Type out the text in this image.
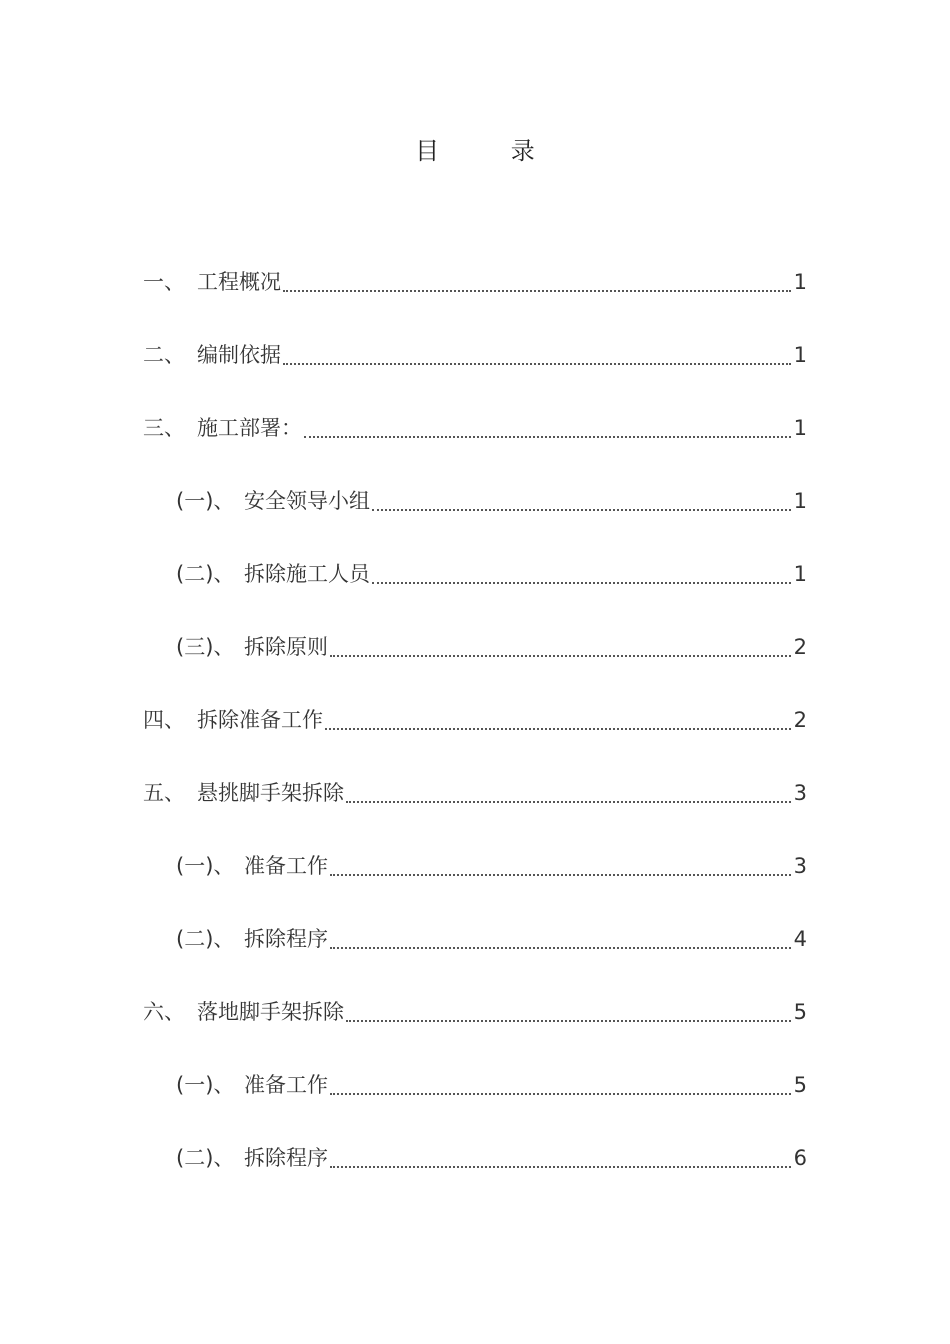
目 录
一、 工程概况	1
二、 编制依据	1
三、 施工部署：	1
(一)、 安全领导小组	1
(二)、 拆除施工人员	1
(三)、 拆除原则	2
四、 拆除准备工作	2
五、 悬挑脚手架拆除	3
(一)、 准备工作	3
(二)、 拆除程序	4
六、 落地脚手架拆除	5
(一)、 准备工作	5
(二)、 拆除程序	6
